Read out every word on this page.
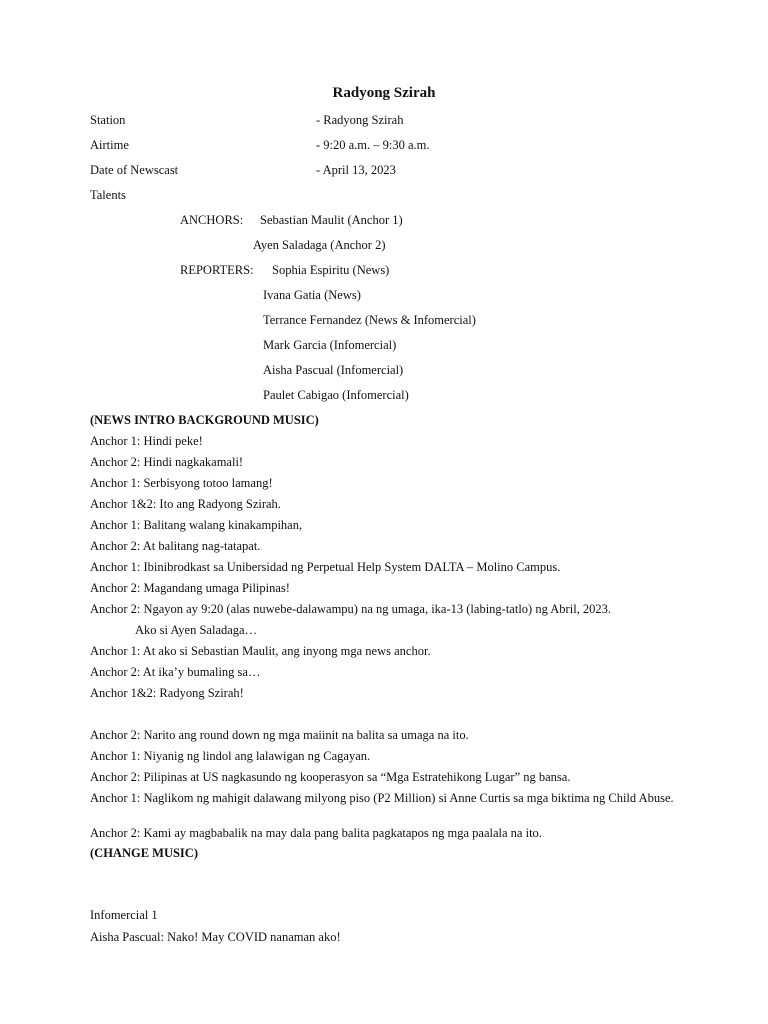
Radyong Szirah
Station	- Radyong Szirah
Airtime	- 9:20 a.m. – 9:30 a.m.
Date of Newscast	- April 13, 2023
Talents
ANCHORS: Sebastian Maulit (Anchor 1)
Ayen Saladaga (Anchor 2)
REPORTERS: Sophia Espiritu (News)
Ivana Gatia (News)
Terrance Fernandez (News & Infomercial)
Mark Garcia (Infomercial)
Aisha Pascual (Infomercial)
Paulet Cabigao (Infomercial)
(NEWS INTRO BACKGROUND MUSIC)
Anchor 1: Hindi peke!
Anchor 2: Hindi nagkakamali!
Anchor 1: Serbisyong totoo lamang!
Anchor 1&2: Ito ang Radyong Szirah.
Anchor 1: Balitang walang kinakampihan,
Anchor 2: At balitang nag-tatapat.
Anchor 1: Ibinibrodkast sa Unibersidad ng Perpetual Help System DALTA – Molino Campus.
Anchor 2: Magandang umaga Pilipinas!
Anchor 2: Ngayon ay 9:20 (alas nuwebe-dalawampu) na ng umaga, ika-13 (labing-tatlo) ng Abril, 2023.
Ako si Ayen Saladaga…
Anchor 1: At ako si Sebastian Maulit, ang inyong mga news anchor.
Anchor 2: At ika’y bumaling sa…
Anchor 1&2: Radyong Szirah!
Anchor 2: Narito ang round down ng mga maiinit na balita sa umaga na ito.
Anchor 1: Niyanig ng lindol ang lalawigan ng Cagayan.
Anchor 2: Pilipinas at US nagkasundo ng kooperasyon sa “Mga Estratehikong Lugar” ng bansa.
Anchor 1: Naglikom ng mahigit dalawang milyong piso (P2 Million) si Anne Curtis sa mga biktima ng Child Abuse.
Anchor 2: Kami ay magbabalik na may dala pang balita pagkatapos ng mga paalala na ito.
(CHANGE MUSIC)
Infomercial 1
Aisha Pascual: Nako! May COVID nanaman ako!
